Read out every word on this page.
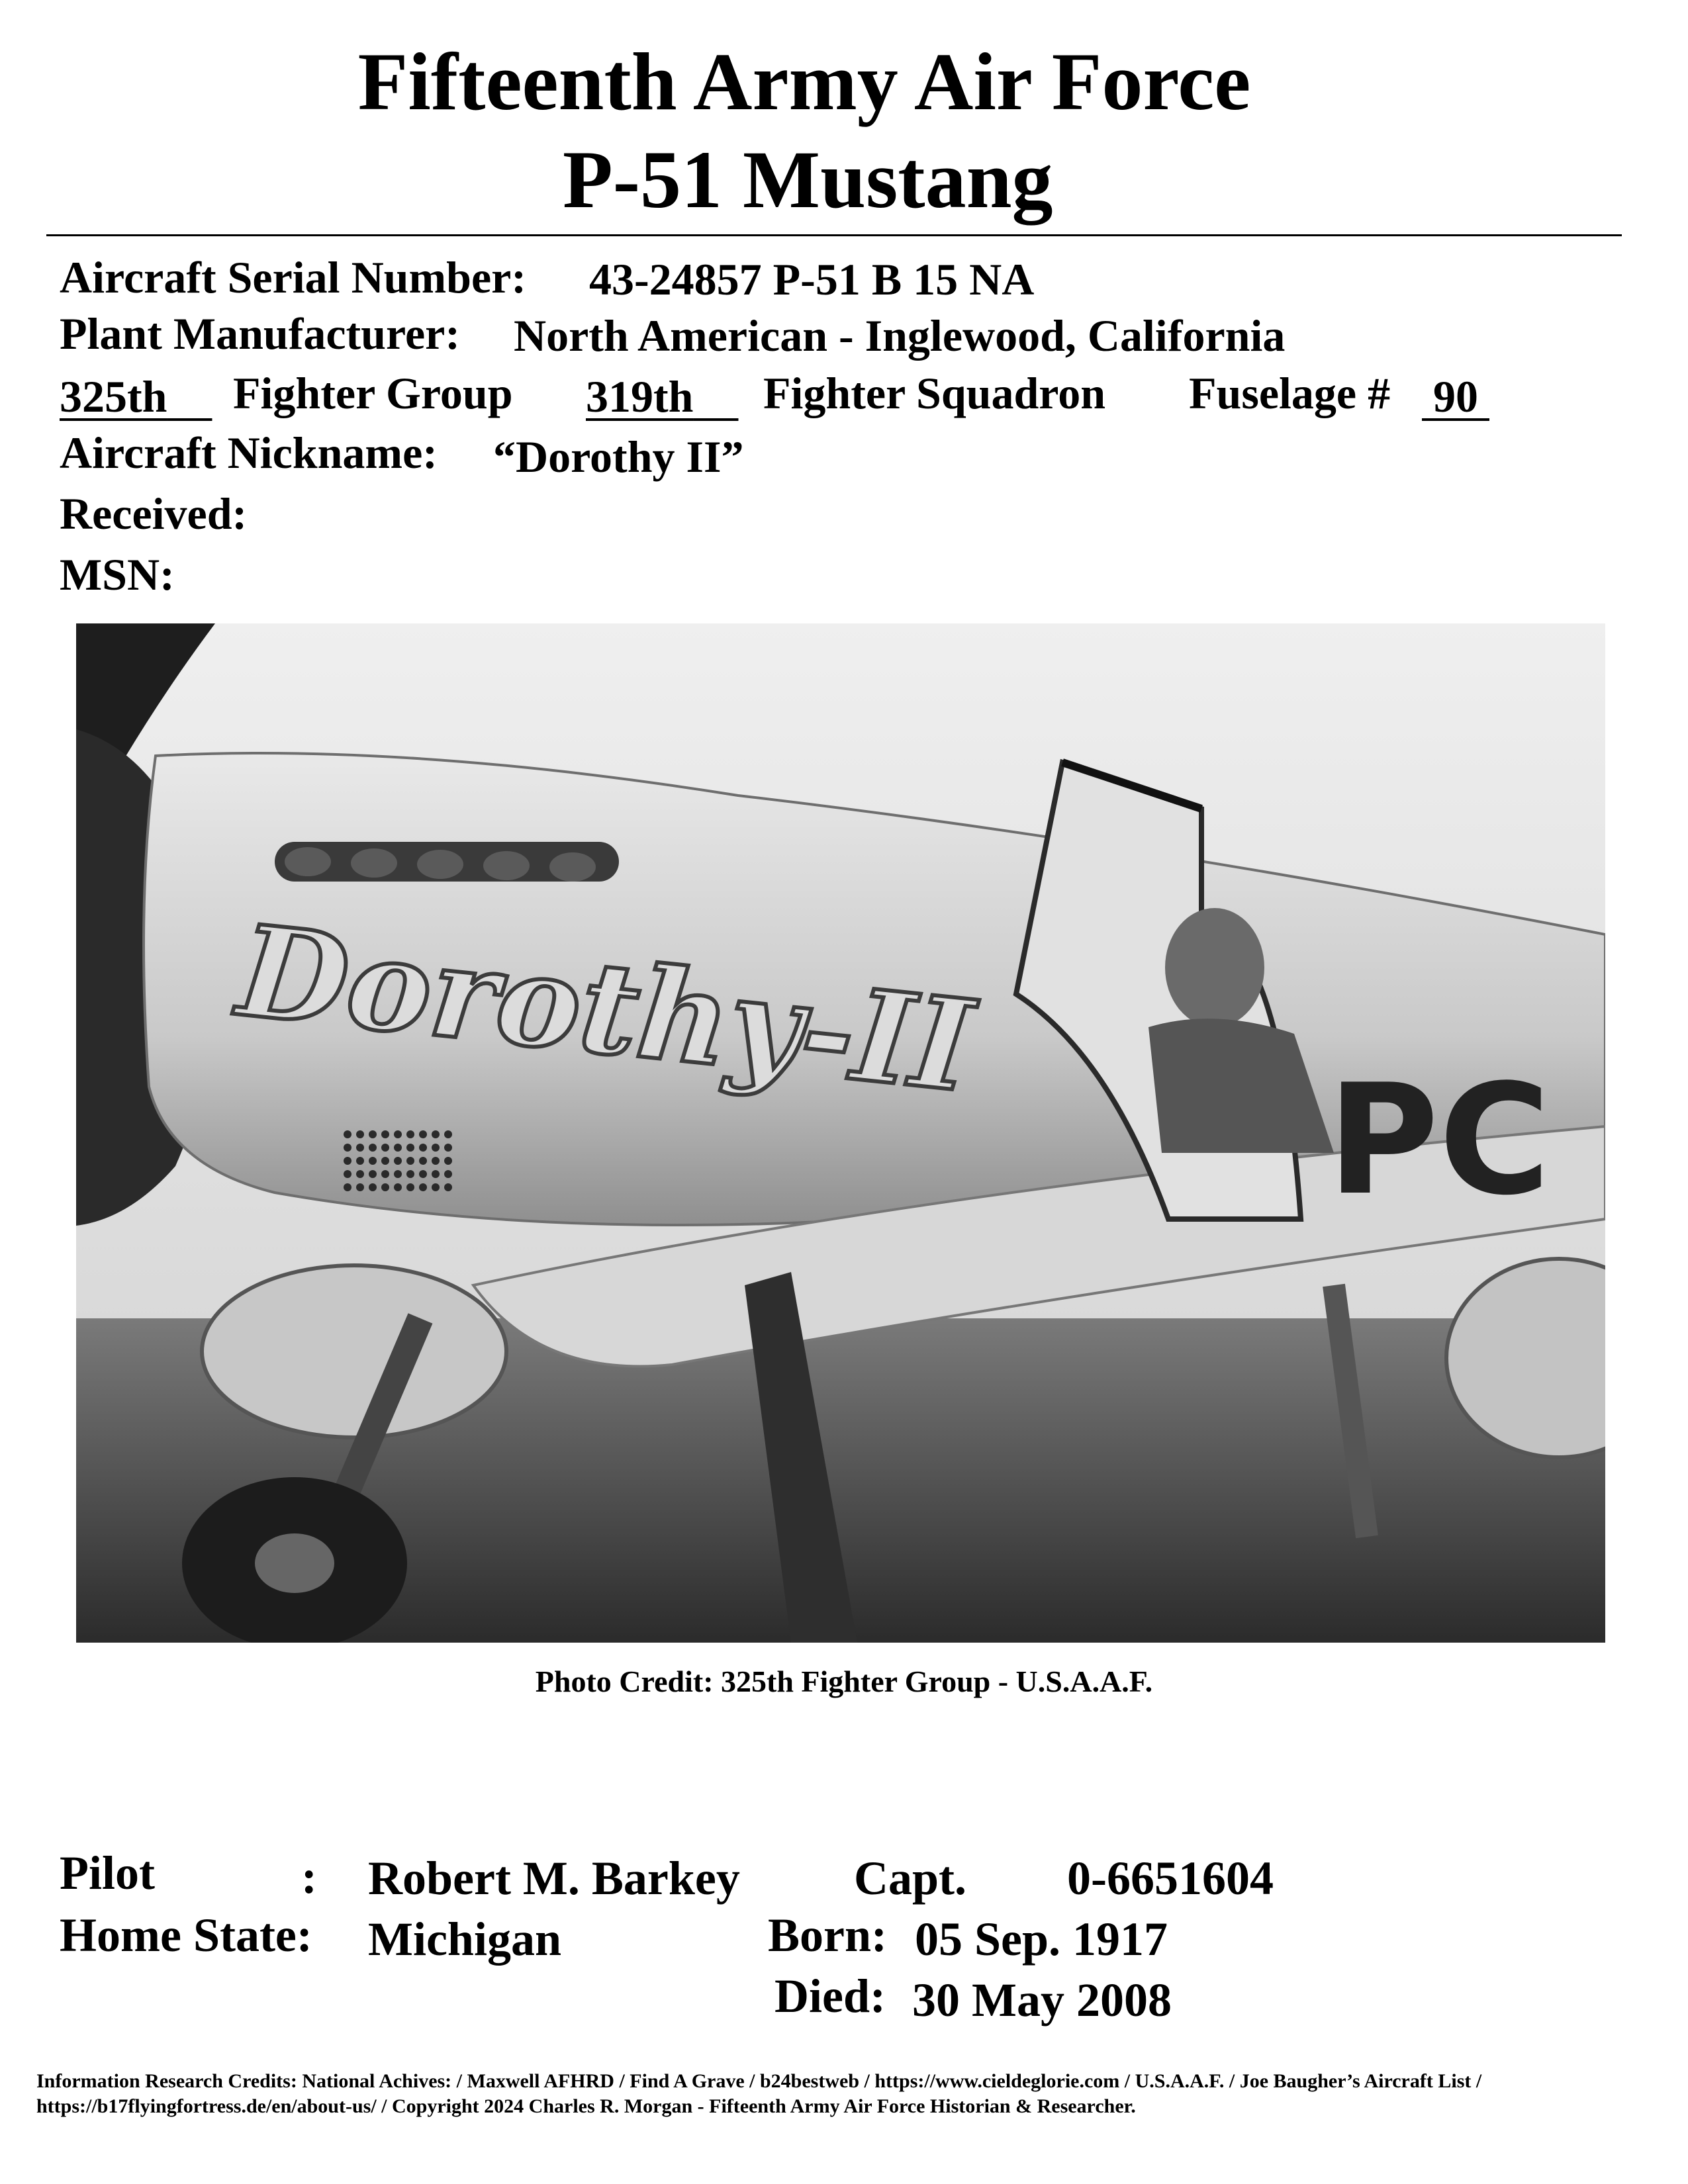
Fifteenth Army Air Force
P-51 Mustang
Aircraft Serial Number: 43-24857 P-51 B 15 NA
Plant Manufacturer: North American - Inglewood, California
325th	Fighter Group 319th	Fighter Squadron Fuselage # 90
Aircraft Nickname: “Dorothy II”
Received:
MSN:
Dorothy-II
PC
Photo Credit: 325th Fighter Group - U.S.A.A.F.
Pilot	: Robert M. Barkey Capt. 0-6651604
Home State: Michigan	Born: 05 Sep. 1917
Died: 30 May 2008
Information Research Credits: National Achives: / Maxwell AFHRD / Find A Grave / b24bestweb / https://www.cieldeglorie.com / U.S.A.A.F. / Joe Baugher’s Aircraft List /
https://b17flyingfortress.de/en/about-us/ / Copyright 2024 Charles R. Morgan - Fifteenth Army Air Force Historian & Researcher.
